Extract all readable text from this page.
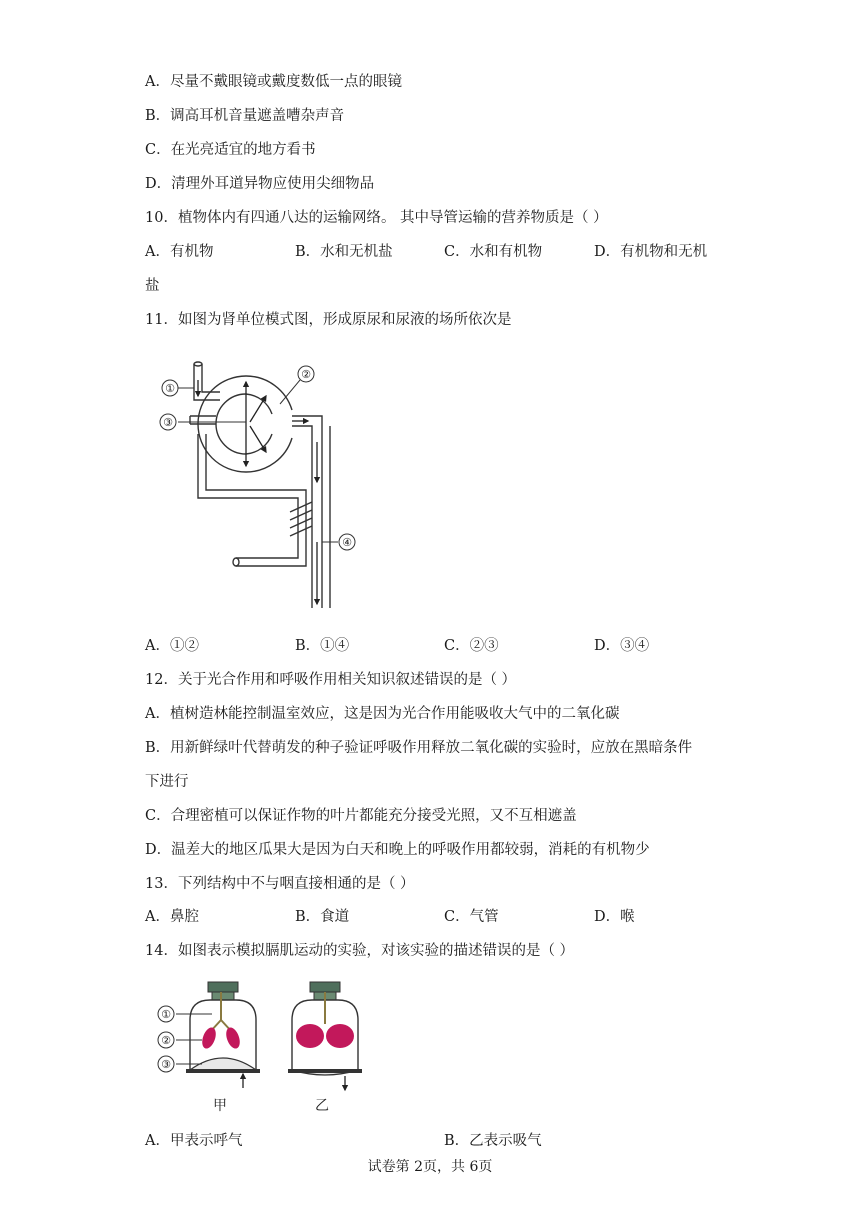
A．尽量不戴眼镜或戴度数低一点的眼镜
B．调高耳机音量遮盖嘈杂声音
C．在光亮适宜的地方看书
D．清理外耳道异物应使用尖细物品
10．植物体内有四通八达的运输网络。 其中导管运输的营养物质是（ ）
A．有机物	B．水和无机盐	C．水和有机物	D．有机物和无机
盐
11．如图为肾单位模式图，形成原尿和尿液的场所依次是
①
③
②
④
A．①②	B．①④	C．②③	D．③④
12．关于光合作用和呼吸作用相关知识叙述错误的是（ ）
A．植树造林能控制温室效应，这是因为光合作用能吸收大气中的二氧化碳
B．用新鲜绿叶代替萌发的种子验证呼吸作用释放二氧化碳的实验时，应放在黑暗条件
下进行
C．合理密植可以保证作物的叶片都能充分接受光照，又不互相遮盖
D．温差大的地区瓜果大是因为白天和晚上的呼吸作用都较弱，消耗的有机物少
13．下列结构中不与咽直接相通的是（ ）
A．鼻腔	B．食道	C．气管	D．喉
14．如图表示模拟膈肌运动的实验，对该实验的描述错误的是（ ）
①
②
③
甲	乙
A．甲表示呼气	B．乙表示吸气
试卷第 2页，共 6页
